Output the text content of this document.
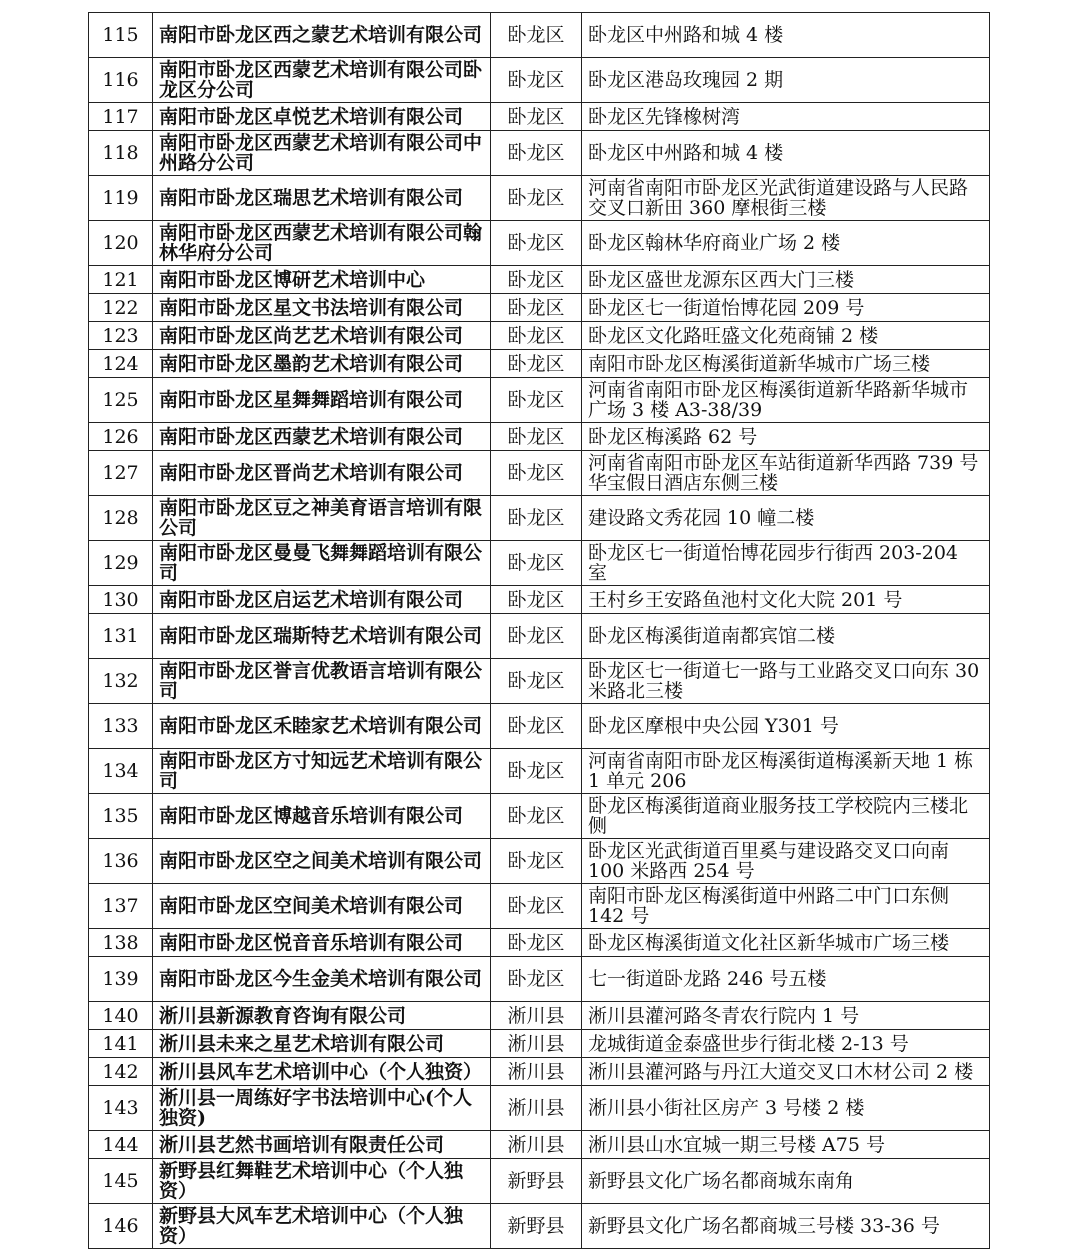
115	南阳市卧龙区西之蒙艺术培训有限公司	卧龙区	卧龙区中州路和城 4 楼
116	南阳市卧龙区西蒙艺术培训有限公司卧龙区分公司	卧龙区	卧龙区港岛玫瑰园 2 期
117	南阳市卧龙区卓悦艺术培训有限公司	卧龙区	卧龙区先锋橡树湾
118	南阳市卧龙区西蒙艺术培训有限公司中州路分公司	卧龙区	卧龙区中州路和城 4 楼
119	南阳市卧龙区瑞思艺术培训有限公司	卧龙区	河南省南阳市卧龙区光武街道建设路与人民路交叉口新田 360 摩根街三楼
120	南阳市卧龙区西蒙艺术培训有限公司翰林华府分公司	卧龙区	卧龙区翰林华府商业广场 2 楼
121	南阳市卧龙区博研艺术培训中心	卧龙区	卧龙区盛世龙源东区西大门三楼
122	南阳市卧龙区星文书法培训有限公司	卧龙区	卧龙区七一街道怡博花园 209 号
123	南阳市卧龙区尚艺艺术培训有限公司	卧龙区	卧龙区文化路旺盛文化苑商铺 2 楼
124	南阳市卧龙区墨韵艺术培训有限公司	卧龙区	南阳市卧龙区梅溪街道新华城市广场三楼
125	南阳市卧龙区星舞舞蹈培训有限公司	卧龙区	河南省南阳市卧龙区梅溪街道新华路新华城市广场 3 楼 A3-38/39
126	南阳市卧龙区西蒙艺术培训有限公司	卧龙区	卧龙区梅溪路 62 号
127	南阳市卧龙区晋尚艺术培训有限公司	卧龙区	河南省南阳市卧龙区车站街道新华西路 739 号华宝假日酒店东侧三楼
128	南阳市卧龙区豆之神美育语言培训有限公司	卧龙区	建设路文秀花园 10 幢二楼
129	南阳市卧龙区曼曼飞舞舞蹈培训有限公司	卧龙区	卧龙区七一街道怡博花园步行街西 203-204 室
130	南阳市卧龙区启运艺术培训有限公司	卧龙区	王村乡王安路鱼池村文化大院 201 号
131	南阳市卧龙区瑞斯特艺术培训有限公司	卧龙区	卧龙区梅溪街道南都宾馆二楼
132	南阳市卧龙区誉言优教语言培训有限公司	卧龙区	卧龙区七一街道七一路与工业路交叉口向东 30 米路北三楼
133	南阳市卧龙区禾睦家艺术培训有限公司	卧龙区	卧龙区摩根中央公园 Y301 号
134	南阳市卧龙区方寸知远艺术培训有限公司	卧龙区	河南省南阳市卧龙区梅溪街道梅溪新天地 1 栋 1 单元 206
135	南阳市卧龙区博越音乐培训有限公司	卧龙区	卧龙区梅溪街道商业服务技工学校院内三楼北侧
136	南阳市卧龙区空之间美术培训有限公司	卧龙区	卧龙区光武街道百里奚与建设路交叉口向南 100 米路西 254 号
137	南阳市卧龙区空间美术培训有限公司	卧龙区	南阳市卧龙区梅溪街道中州路二中门口东侧 142 号
138	南阳市卧龙区悦音音乐培训有限公司	卧龙区	卧龙区梅溪街道文化社区新华城市广场三楼
139	南阳市卧龙区今生金美术培训有限公司	卧龙区	七一街道卧龙路 246 号五楼
140	淅川县新源教育咨询有限公司	淅川县	淅川县灌河路冬青农行院内 1 号
141	淅川县未来之星艺术培训有限公司	淅川县	龙城街道金泰盛世步行街北楼 2-13 号
142	淅川县风车艺术培训中心（个人独资）	淅川县	淅川县灌河路与丹江大道交叉口木材公司 2 楼
143	淅川县一周练好字书法培训中心(个人独资)	淅川县	淅川县小街社区房产 3 号楼 2 楼
144	淅川县艺然书画培训有限责任公司	淅川县	淅川县山水宜城一期三号楼 A75 号
145	新野县红舞鞋艺术培训中心（个人独资）	新野县	新野县文化广场名都商城东南角
146	新野县大风车艺术培训中心（个人独资）	新野县	新野县文化广场名都商城三号楼 33-36 号
